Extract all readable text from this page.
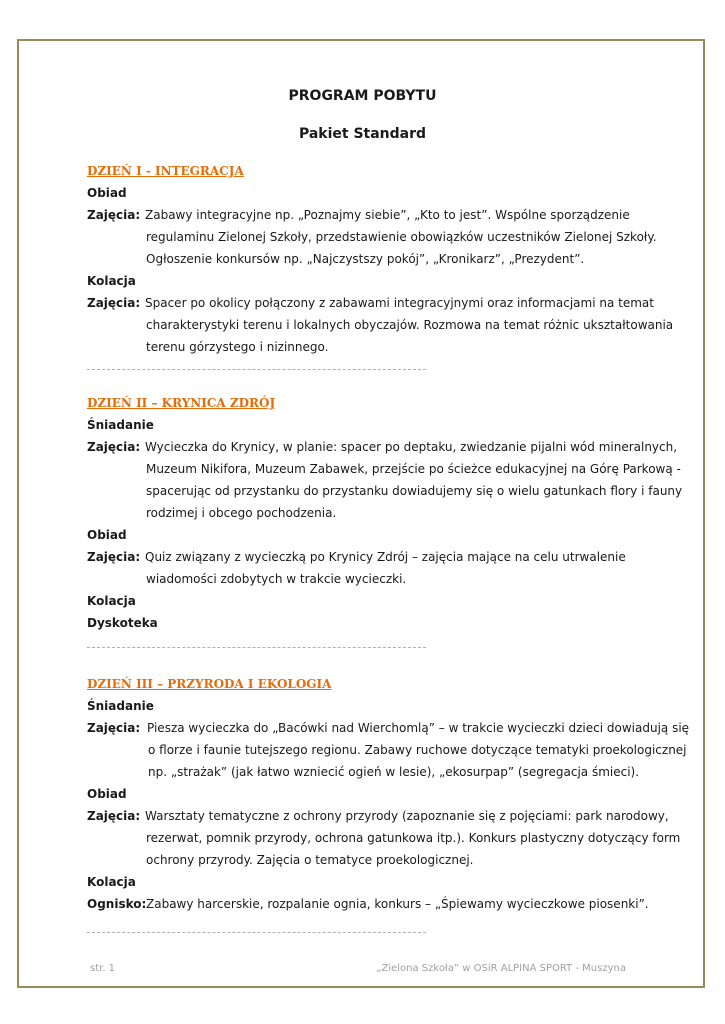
PROGRAM POBYTU
Pakiet Standard
DZIEŃ I - INTEGRACJA
Obiad
Zajęcia: Zabawy integracyjne np. „Poznajmy siebie”, „Kto to jest”. Wspólne sporządzenie
regulaminu Zielonej Szkoły, przedstawienie obowiązków uczestników Zielonej Szkoły.
Ogłoszenie konkursów np. „Najczystszy pokój”, „Kronikarz”, „Prezydent”.
Kolacja
Zajęcia: Spacer po okolicy połączony z zabawami integracyjnymi oraz informacjami na temat
charakterystyki terenu i lokalnych obyczajów. Rozmowa na temat różnic ukształtowania
terenu górzystego i nizinnego.
DZIEŃ II – KRYNICA ZDRÓJ
Śniadanie
Zajęcia: Wycieczka do Krynicy, w planie: spacer po deptaku, zwiedzanie pijalni wód mineralnych,
Muzeum Nikifora, Muzeum Zabawek, przejście po ścieżce edukacyjnej na Górę Parkową -
spacerując od przystanku do przystanku dowiadujemy się o wielu gatunkach flory i fauny
rodzimej i obcego pochodzenia.
Obiad
Zajęcia: Quiz związany z wycieczką po Krynicy Zdrój – zajęcia mające na celu utrwalenie
wiadomości zdobytych w trakcie wycieczki.
Kolacja
Dyskoteka
DZIEŃ III – PRZYRODA I EKOLOGIA
Śniadanie
Zajęcia: Piesza wycieczka do „Bacówki nad Wierchomlą” – w trakcie wycieczki dzieci dowiadują się
o florze i faunie tutejszego regionu. Zabawy ruchowe dotyczące tematyki proekologicznej
np. „strażak” (jak łatwo wzniecić ogień w lesie), „ekosurpap” (segregacja śmieci).
Obiad
Zajęcia: Warsztaty tematyczne z ochrony przyrody (zapoznanie się z pojęciami: park narodowy,
rezerwat, pomnik przyrody, ochrona gatunkowa itp.). Konkurs plastyczny dotyczący form
ochrony przyrody. Zajęcia o tematyce proekologicznej.
Kolacja
Ognisko: Zabawy harcerskie, rozpalanie ognia, konkurs – „Śpiewamy wycieczkowe piosenki”.
str. 1	„Zielona Szkoła” w OSiR ALPINA SPORT - Muszyna
